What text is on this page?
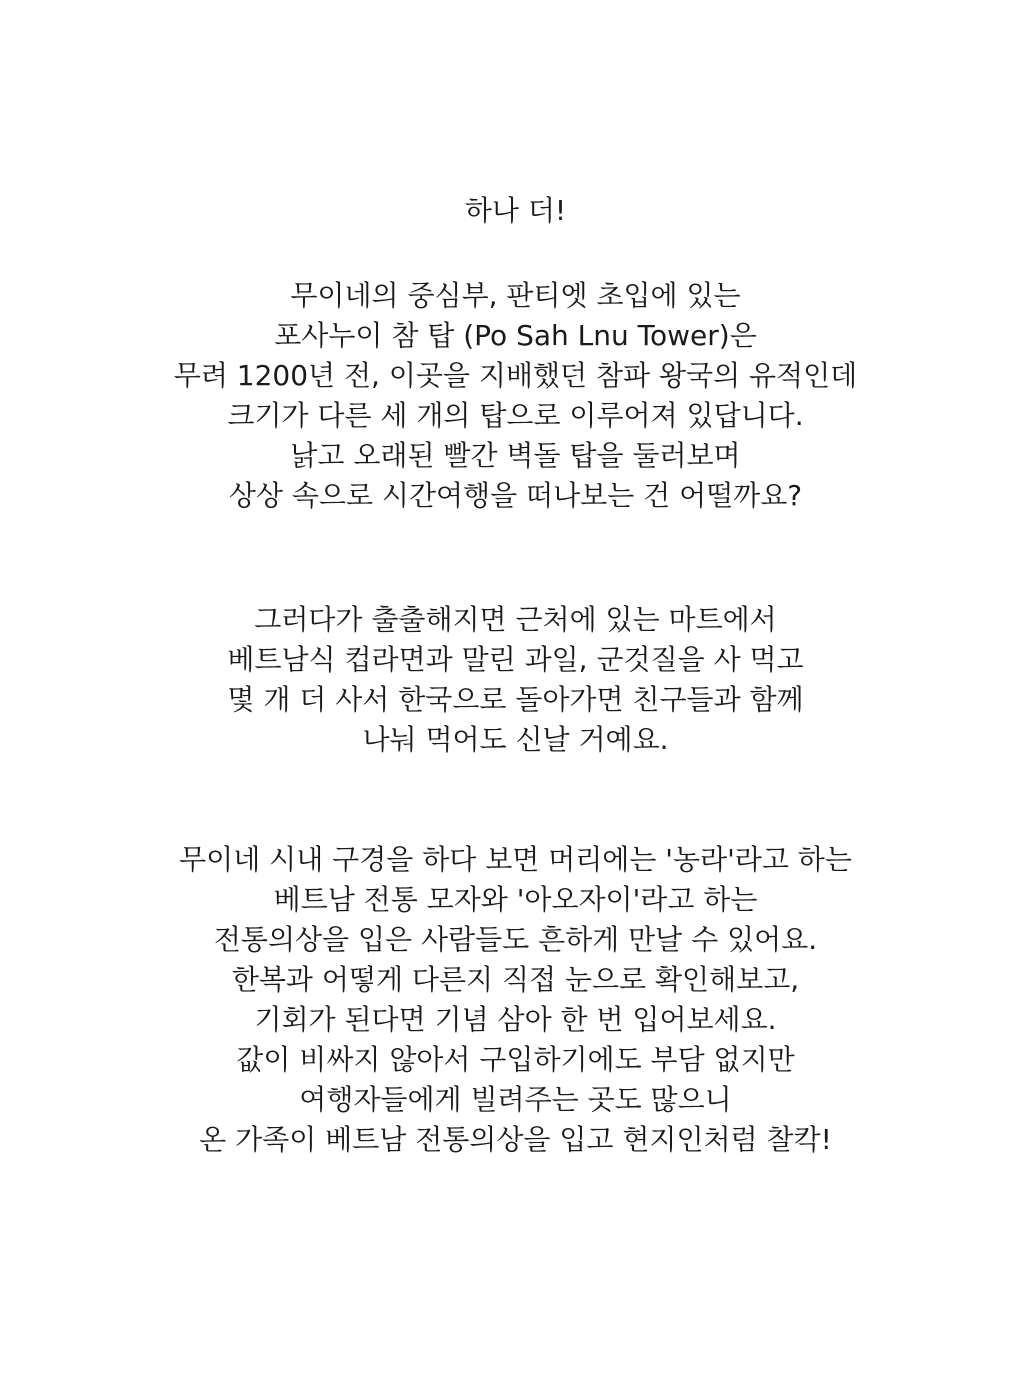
하나 더!
무이네의 중심부, 판티엣 초입에 있는
포사누이 참 탑 (Po Sah Lnu Tower)은
무려 1200년 전, 이곳을 지배했던 참파 왕국의 유적인데
크기가 다른 세 개의 탑으로 이루어져 있답니다.
낡고 오래된 빨간 벽돌 탑을 둘러보며
상상 속으로 시간여행을 떠나보는 건 어떨까요?
그러다가 출출해지면 근처에 있는 마트에서
베트남식 컵라면과 말린 과일, 군것질을 사 먹고
몇 개 더 사서 한국으로 돌아가면 친구들과 함께
나눠 먹어도 신날 거예요.
무이네 시내 구경을 하다 보면 머리에는 '농라'라고 하는
베트남 전통 모자와 '아오자이'라고 하는
전통의상을 입은 사람들도 흔하게 만날 수 있어요.
한복과 어떻게 다른지 직접 눈으로 확인해보고,
기회가 된다면 기념 삼아 한 번 입어보세요.
값이 비싸지 않아서 구입하기에도 부담 없지만
여행자들에게 빌려주는 곳도 많으니
온 가족이 베트남 전통의상을 입고 현지인처럼 찰칵!
